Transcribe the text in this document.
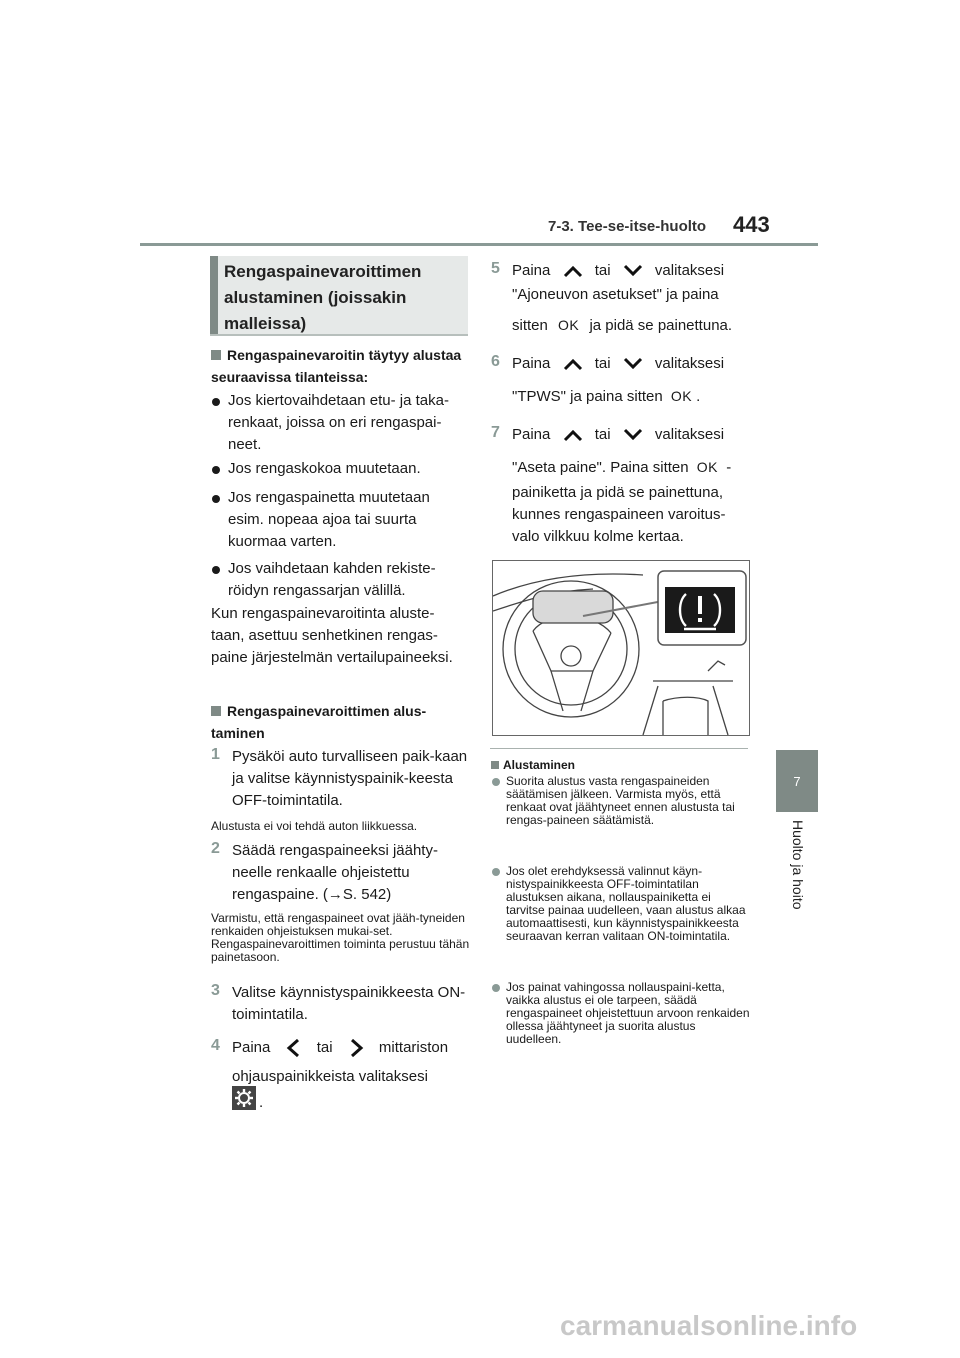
7-3. Tee-se-itse-huolto 443
7
Huolto ja hoito
Rengaspainevaroittimen alustaminen (joissakin malleissa)
Rengaspainevaroitin täytyy alustaa seuraavissa tilanteissa:
Jos kiertovaihdetaan etu- ja taka-renkaat, joissa on eri rengaspai-neet.
Jos rengaskokoa muutetaan.
Jos rengaspainetta muutetaan esim. nopeaa ajoa tai suurta kuormaa varten.
Jos vaihdetaan kahden rekiste-röidyn rengassarjan välillä.
Kun rengaspainevaroitinta aluste-taan, asettuu senhetkinen rengas-paine järjestelmän vertailupaineeksi.
Rengaspainevaroittimen alus-taminen
1 Pysäköi auto turvalliseen paik-kaan ja valitse käynnistyspainik-keesta OFF-toimintatila.
Alustusta ei voi tehdä auton liikkuessa.
2 Säädä rengaspaineeksi jäähty-neelle renkaalle ohjeistettu rengaspaine. (→S. 542)
Varmistu, että rengaspaineet ovat jääh-tyneiden renkaiden ohjeistuksen mukai-set. Rengaspainevaroittimen toiminta perustuu tähän painetasoon.
3 Valitse käynnistyspainikkeesta ON-toimintatila.
4 Paina	tai	mittariston
ohjauspainikkeista valitaksesi
.
5 Paina	tai	valitaksesi
"Ajoneuvon asetukset" ja paina
sitten OK ja pidä se painettuna.
6 Paina	tai	valitaksesi
"TPWS" ja paina sitten OK .
7 Paina	tai	valitaksesi
"Aseta paine". Paina sitten OK -
painiketta ja pidä se painettuna, kunnes rengaspaineen varoitus-valo vilkkuu kolme kertaa.
Alustaminen
Suorita alustus vasta rengaspaineiden säätämisen jälkeen. Varmista myös, että renkaat ovat jäähtyneet ennen alustusta tai rengas-paineen säätämistä.
Jos olet erehdyksessä valinnut käyn-nistyspainikkeesta OFF-toimintatilan alustuksen aikana, nollauspainiketta ei tarvitse painaa uudelleen, vaan alustus alkaa automaattisesti, kun käynnistyspainikkeesta seuraavan kerran valitaan ON-toimintatila.
Jos painat vahingossa nollauspaini-ketta, vaikka alustus ei ole tarpeen, säädä rengaspaineet ohjeistettuun arvoon renkaiden ollessa jäähtyneet ja suorita alustus uudelleen.
carmanualsonline.info
